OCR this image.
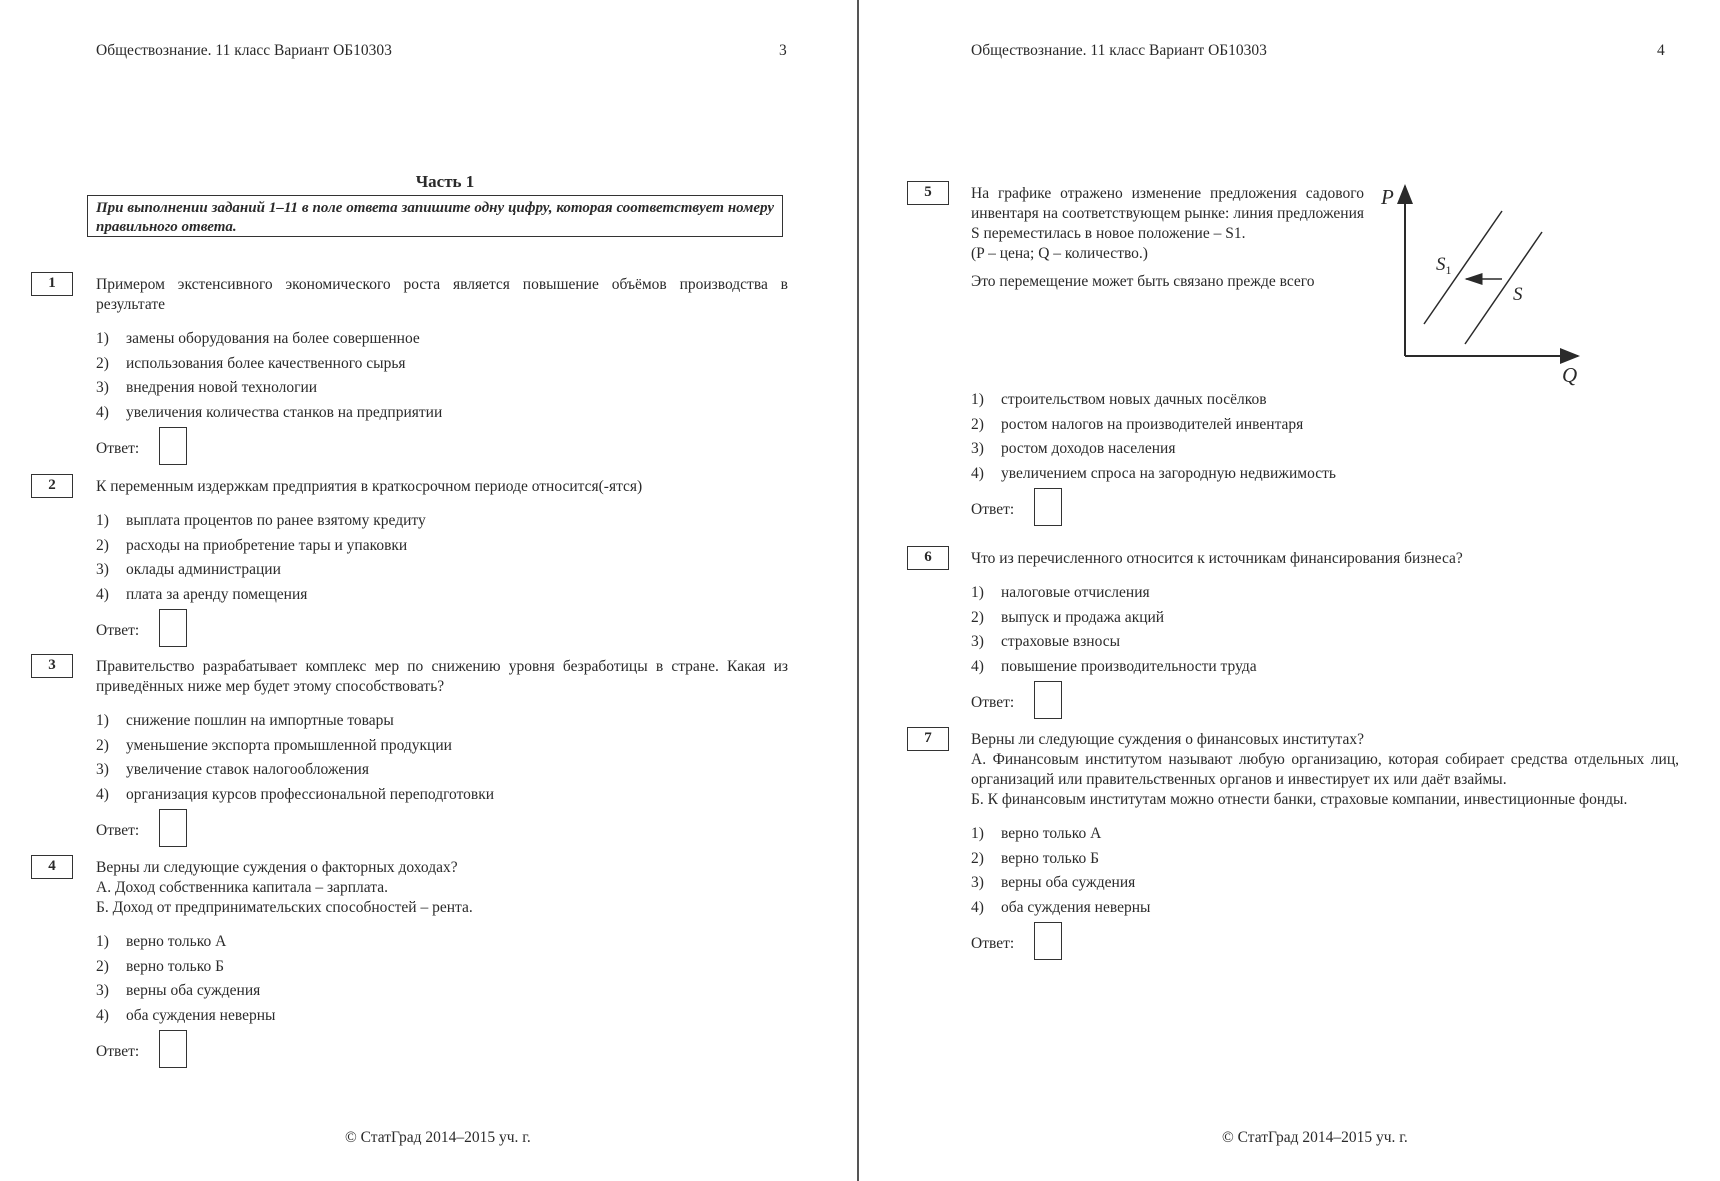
Обществознание. 11 класс Вариант ОБ10303	3
Часть 1
При выполнении заданий 1–11 в поле ответа запишите одну цифру, которая соответствует номеру правильного ответа.
1	Примером экстенсивного экономического роста является повышение объёмов производства в результате
1) замены оборудования на более совершенное
2) использования более качественного сырья
3) внедрения новой технологии
4) увеличения количества станков на предприятии
Ответ:
2	К переменным издержкам предприятия в краткосрочном периоде относится(-ятся)
1) выплата процентов по ранее взятому кредиту
2) расходы на приобретение тары и упаковки
3) оклады администрации
4) плата за аренду помещения
Ответ:
3	Правительство разрабатывает комплекс мер по снижению уровня безработицы в стране. Какая из приведённых ниже мер будет этому способствовать?
1) снижение пошлин на импортные товары
2) уменьшение экспорта промышленной продукции
3) увеличение ставок налогообложения
4) организация курсов профессиональной переподготовки
Ответ:
4	Верны ли следующие суждения о факторных доходах?

А. Доход собственника капитала – зарплата.

Б. Доход от предпринимательских способностей – рента.

1) верно только А
2) верно только Б
3) верны оба суждения
4) оба суждения неверны
Ответ:
© СтатГрад 2014–2015 уч. г.
Обществознание. 11 класс Вариант ОБ10303	4
5	На графике отражено изменение предложения садового инвентаря на соответствующем рынке: линия предложения S переместилась в новое положение – S1.

(P – цена; Q – количество.)

Это перемещение может быть связано прежде всего

1) строительством новых дачных посёлков
2) ростом налогов на производителей инвентаря
3) ростом доходов населения
4) увеличением спроса на загородную недвижимость
Ответ:
6	Что из перечисленного относится к источникам финансирования бизнеса?
1) налоговые отчисления
2) выпуск и продажа акций
3) страховые взносы
4) повышение производительности труда
Ответ:
7	Верны ли следующие суждения о финансовых институтах?

А. Финансовым институтом называют любую организацию, которая собирает средства отдельных лиц, организаций или правительственных органов и инвестирует их или даёт взаймы.

Б. К финансовым институтам можно отнести банки, страховые компании, инвестиционные фонды.

1) верно только А
2) верно только Б
3) верны оба суждения
4) оба суждения неверны
Ответ:
© СтатГрад 2014–2015 уч. г.
P
Q
$S_1$
S
